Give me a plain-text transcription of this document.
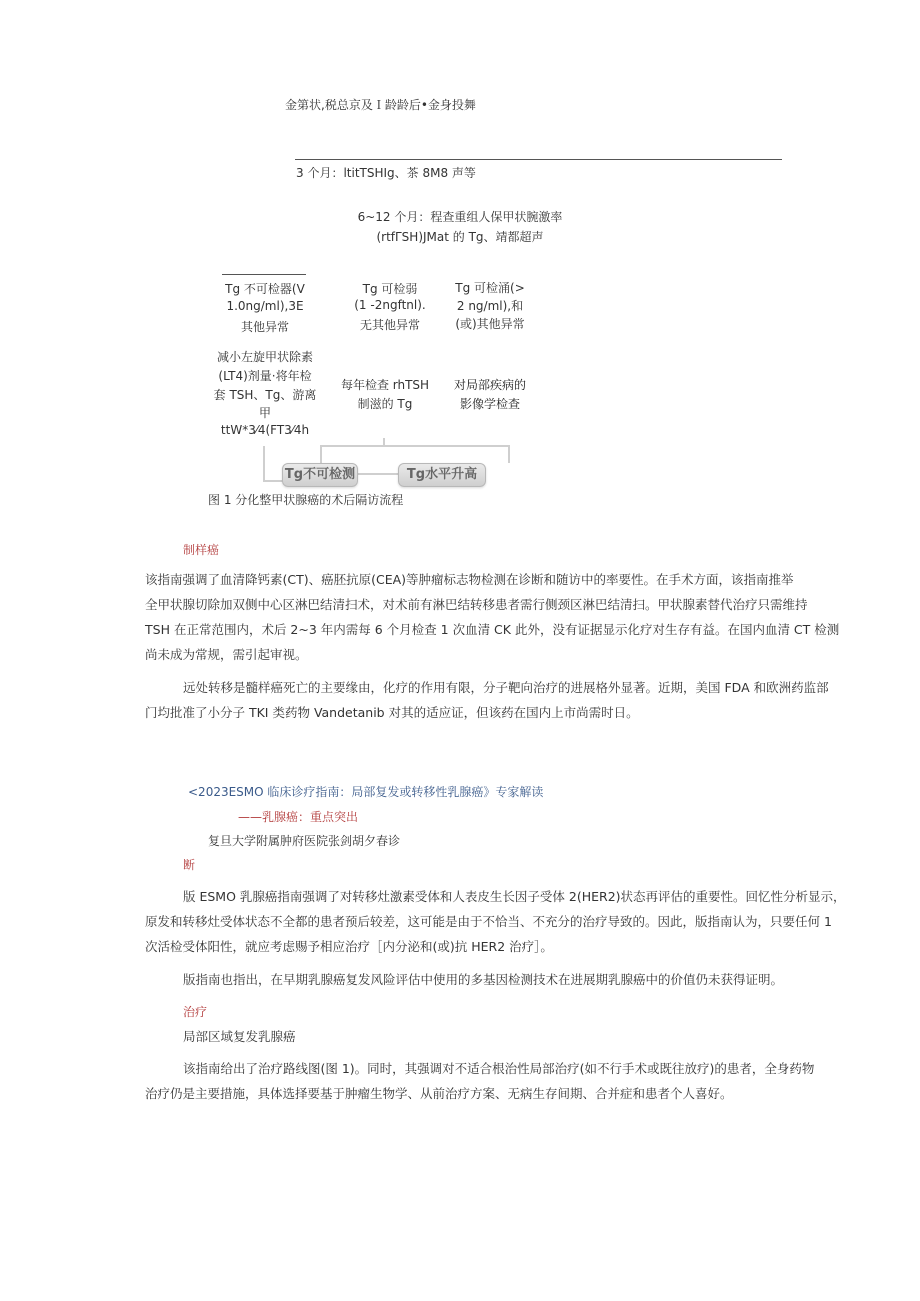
金第状,税总京及Ｉ龄龄后•金身投舞
3 个月：ltitTSHIg、茶 8M8 声等
6~12 个月：程查重组人保甲状腕激率
(rtfΓSH)JMat 的 Tg、靖都超声
Tg 不可检器(V
1.0ng/ml),3E
其他异常
Tg 可检弱
(1 -2ngftnl).
无其他异常
Tg 可检涌(>
2 ng/ml),和
(或)其他异常
减小左旋甲状除素
(LT4)剂量·将年检
套 TSH、Tg、游离
甲
ttW*3⁄4(FT3⁄4h
每年检查 rhTSH
制滋的 Tg
对局部疾病的
影像学检查
Tg不可检测	Tg水平升高
图 1 分化整甲状腺癌的术后隔访流程
制样癌
该指南强调了血清降钙素(CT)、癌胚抗原(CEA)等肿瘤标志物检测在诊断和随访中的率要性。在手术方面，该指南推举
全甲状腺切除加双侧中心区淋巴结清扫术，对术前有淋巴结转移患者需行侧颈区淋巴结清扫。甲状腺素替代治疗只需维持
TSH 在正常范围内，术后 2~3 年内需每 6 个月检查 1 次血清 CK 此外，没有证据显示化疗对生存有益。在国内血清 CT 检测
尚未成为常规，需引起审视。
远处转移是髓样癌死亡的主要缘由，化疗的作用有限，分子靶向治疗的进展格外显著。近期，美国 FDA 和欧洲药监部
门均批准了小分子 TKI 类药物 Vandetanib 对其的适应证，但该药在国内上市尚需时日。
<2023ESMO 临床诊疗指南：局部复发或转移性乳腺癌》专家解读
——乳腺癌：重点突出
复旦大学附属肿府医院张剑胡夕春诊
断
版 ESMO 乳腺癌指南强调了对转移灶激素受体和人表皮生长因子受体 2(HER2)状态再评估的重要性。回忆性分析显示，
原发和转移灶受体状态不全都的患者预后较差，这可能是由于不恰当、不充分的治疗导致的。因此，版指南认为，只要任何 1
次活检受体阳性，就应考虑赐予相应治疗［内分泌和(或)抗 HER2 治疗］。
版指南也指出，在早期乳腺癌复发风险评估中使用的多基因检测技术在进展期乳腺癌中的价值仍未获得证明。
治疗
局部区域复发乳腺癌
该指南给出了治疗路线图(图 1)。同时，其强调对不适合根治性局部治疗(如不行手术或既往放疗)的患者，全身药物
治疗仍是主要措施，具体选择要基于肿瘤生物学、从前治疗方案、无病生存间期、合并症和患者个人喜好。
